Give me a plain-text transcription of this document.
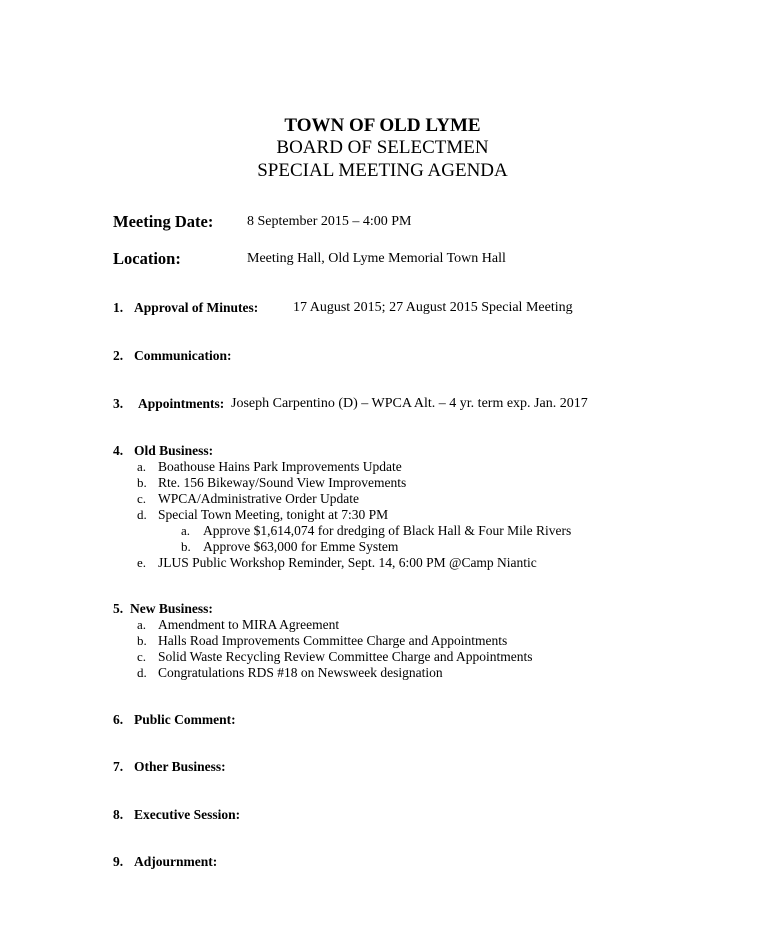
TOWN OF OLD LYME
BOARD OF SELECTMEN
SPECIAL MEETING AGENDA
Meeting Date: 8 September 2015 – 4:00 PM
Location:	Meeting Hall, Old Lyme Memorial Town Hall
1. Approval of Minutes: 17 August 2015; 27 August 2015 Special Meeting
2. Communication:
3. Appointments: Joseph Carpentino (D) – WPCA Alt. – 4 yr. term exp. Jan. 2017
4. Old Business:
a. Boathouse Hains Park Improvements Update
b. Rte. 156 Bikeway/Sound View Improvements
c. WPCA/Administrative Order Update
d. Special Town Meeting, tonight at 7:30 PM
a. Approve $1,614,074 for dredging of Black Hall & Four Mile Rivers
b. Approve $63,000 for Emme System
e. JLUS Public Workshop Reminder, Sept. 14, 6:00 PM @Camp Niantic
5. New Business:
a. Amendment to MIRA Agreement
b. Halls Road Improvements Committee Charge and Appointments
c. Solid Waste Recycling Review Committee Charge and Appointments
d. Congratulations RDS #18 on Newsweek designation
6. Public Comment:
7. Other Business:
8. Executive Session:
9. Adjournment:
